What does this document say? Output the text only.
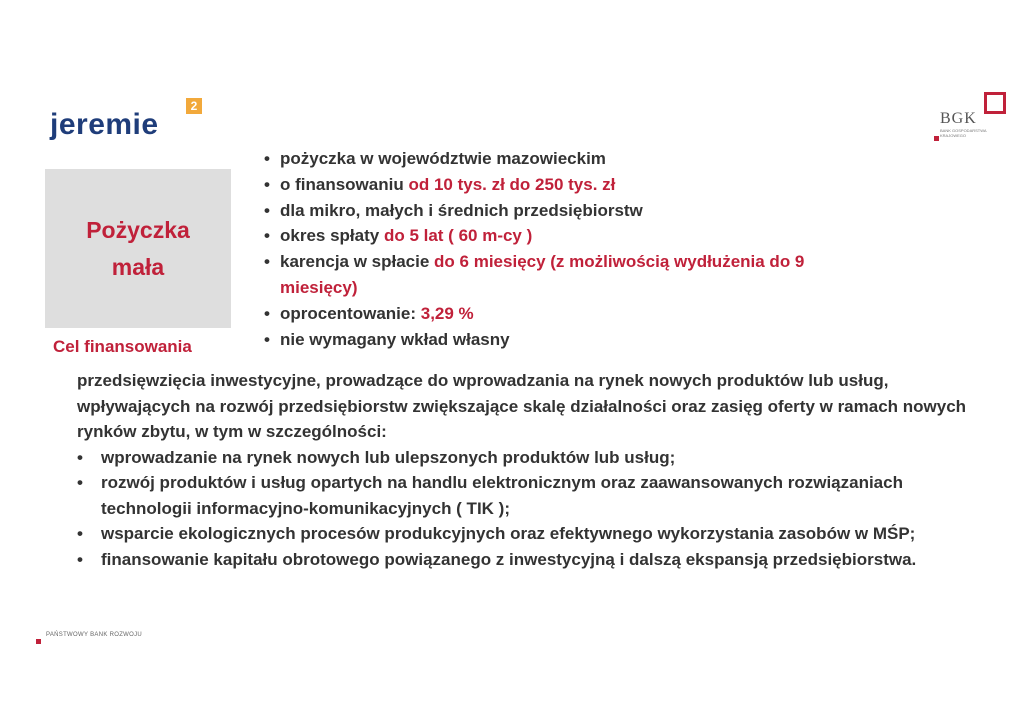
jeremie
2
BGK
BANK GOSPODARSTWA KRAJOWEGO
Pożyczka
mała
Cel finansowania
• pożyczka w województwie mazowieckim
• o finansowaniu od 10 tys. zł do 250 tys. zł
• dla mikro, małych i średnich przedsiębiorstw
• okres spłaty do 5 lat ( 60 m-cy )
• karencja w spłacie do 6 miesięcy (z możliwością wydłużenia do 9 miesięcy)
• oprocentowanie: 3,29 %
• nie wymagany wkład własny
przedsięwzięcia inwestycyjne, prowadzące do wprowadzania na rynek nowych produktów lub usług, wpływających na rozwój przedsiębiorstw zwiększające skalę działalności oraz zasięg oferty w ramach nowych rynków zbytu, w tym w szczególności:
• wprowadzanie na rynek nowych lub ulepszonych produktów lub usług;
• rozwój produktów i usług opartych na handlu elektronicznym oraz zaawansowanych rozwiązaniach technologii informacyjno-komunikacyjnych ( TIK );
• wsparcie ekologicznych procesów produkcyjnych oraz efektywnego wykorzystania zasobów w MŚP;
• finansowanie kapitału obrotowego powiązanego z inwestycyjną i dalszą ekspansją przedsiębiorstwa.
PAŃSTWOWY BANK ROZWOJU
